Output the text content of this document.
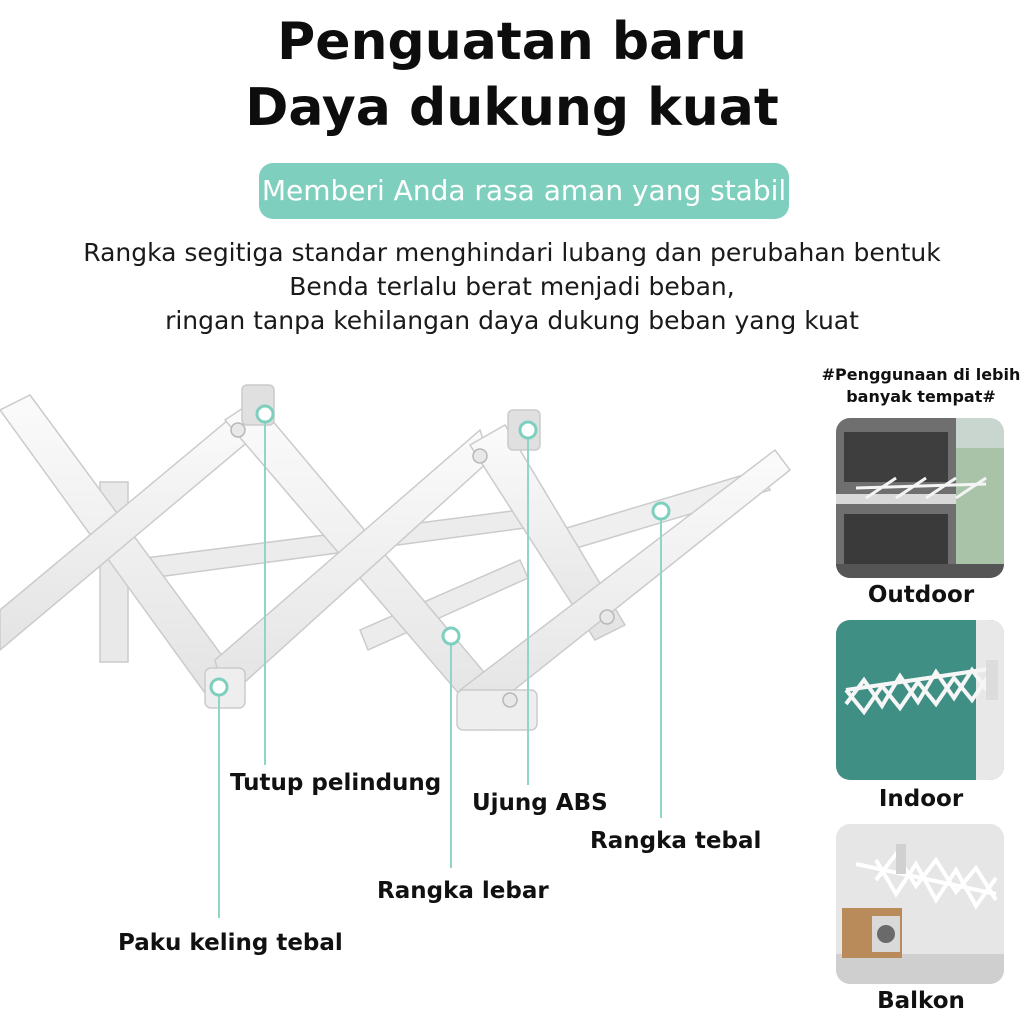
Penguatan baru
Daya dukung kuat
Memberi Anda rasa aman yang stabil
Rangka segitiga standar menghindari lubang dan perubahan bentuk
Benda terlalu berat menjadi beban,
ringan tanpa kehilangan daya dukung beban yang kuat
Tutup pelindung
Ujung ABS
Rangka tebal
Rangka lebar
Paku keling tebal
#Penggunaan di lebih
banyak tempat#
Outdoor
Indoor
Balkon
